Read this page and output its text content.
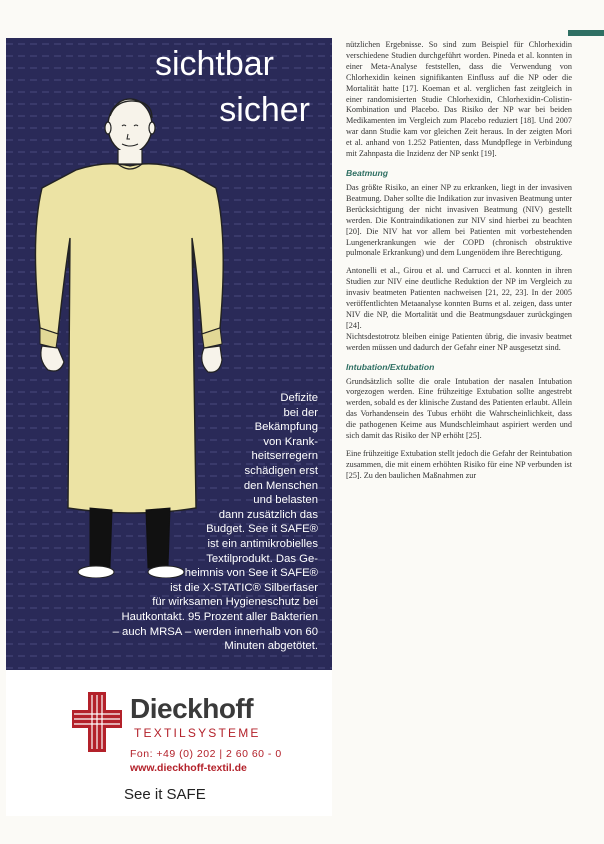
sichtbar
sicher
Defizite
bei der
Bekämpfung
von Krank-
heitserregern
schädigen erst
den Menschen
und belasten
dann zusätzlich das
Budget. See it SAFE®
ist ein antimikrobielles
Textilprodukt. Das Ge-
heimnis von See it SAFE®
ist die X-STATIC® Silberfaser
für wirksamen Hygieneschutz bei
Hautkontakt. 95 Prozent aller Bakterien
– auch MRSA – werden innerhalb von 60
Minuten abgetötet.
Dieckhoff
TEXTILSYSTEME
Fon: +49 (0) 202 | 2 60 60 - 0
www.dieckhoff-textil.de
See it SAFE

nützlichen Ergebnisse. So sind zum Beispiel für Chlorhexidin verschiedene Studien durchgeführt worden. Pineda et al. konnten in einer Meta-Analyse feststellen, dass die Verwendung von Chlorhexidin keinen signifikanten Einfluss auf die NP oder die Mortalität hatte [17]. Koeman et al. verglichen fast zeitgleich in einer randomisierten Studie Chlorhexidin, Chlorhexidin-Colistin-Kombination und Placebo. Das Risiko der NP war bei beiden Medikamenten im Vergleich zum Placebo reduziert [18]. Und 2007 war dann Studie kam vor gleichen Zeit heraus. In der zeigten Mori et al. anhand von 1.252 Patienten, dass Mundpflege in Verbindung mit Zahnpasta die Inzidenz der NP senkt [19].

Beatmung

Das größte Risiko, an einer NP zu erkranken, liegt in der invasiven Beatmung. Daher sollte die Indikation zur invasiven Beatmung unter Berücksichtigung der nicht invasiven Beatmung (NIV) gestellt werden. Die Kontraindikationen zur NIV sind hierbei zu beachten [20]. Die NIV hat vor allem bei Patienten mit vorbestehenden Lungenerkrankungen wie der COPD (chronisch obstruktive pulmonale Erkrankung) und dem Lungenödem ihre Berechtigung.

Antonelli et al., Girou et al. und Carrucci et al. konnten in ihren Studien zur NIV eine deutliche Reduktion der NP im Vergleich zu invasiv beatmeten Patienten nachweisen [21, 22, 23]. In der 2005 veröffentlichten Metaanalyse konnten Burns et al. zeigen, dass unter NIV die NP, die Mortalität und die Beatmungsdauer zurückgingen [24].

Nichtsdestotrotz bleiben einige Patienten übrig, die invasiv beatmet werden müssen und dadurch der Gefahr einer NP ausgesetzt sind.

Intubation/Extubation

Grundsätzlich sollte die orale Intubation der nasalen Intubation vorgezogen werden. Eine frühzeitige Extubation sollte angestrebt werden, sobald es der klinische Zustand des Patienten erlaubt. Allein das Vorhandensein des Tubus erhöht die Wahrscheinlichkeit, dass die pathogenen Keime aus Mundschleimhaut aspiriert werden und sich damit das Risiko der NP erhöht [25].

Eine frühzeitige Extubation stellt jedoch die Gefahr der Reintubation zusammen, die mit einem erhöhten Risiko für eine NP verbunden ist [25]. Zu den baulichen Maßnahmen zur
